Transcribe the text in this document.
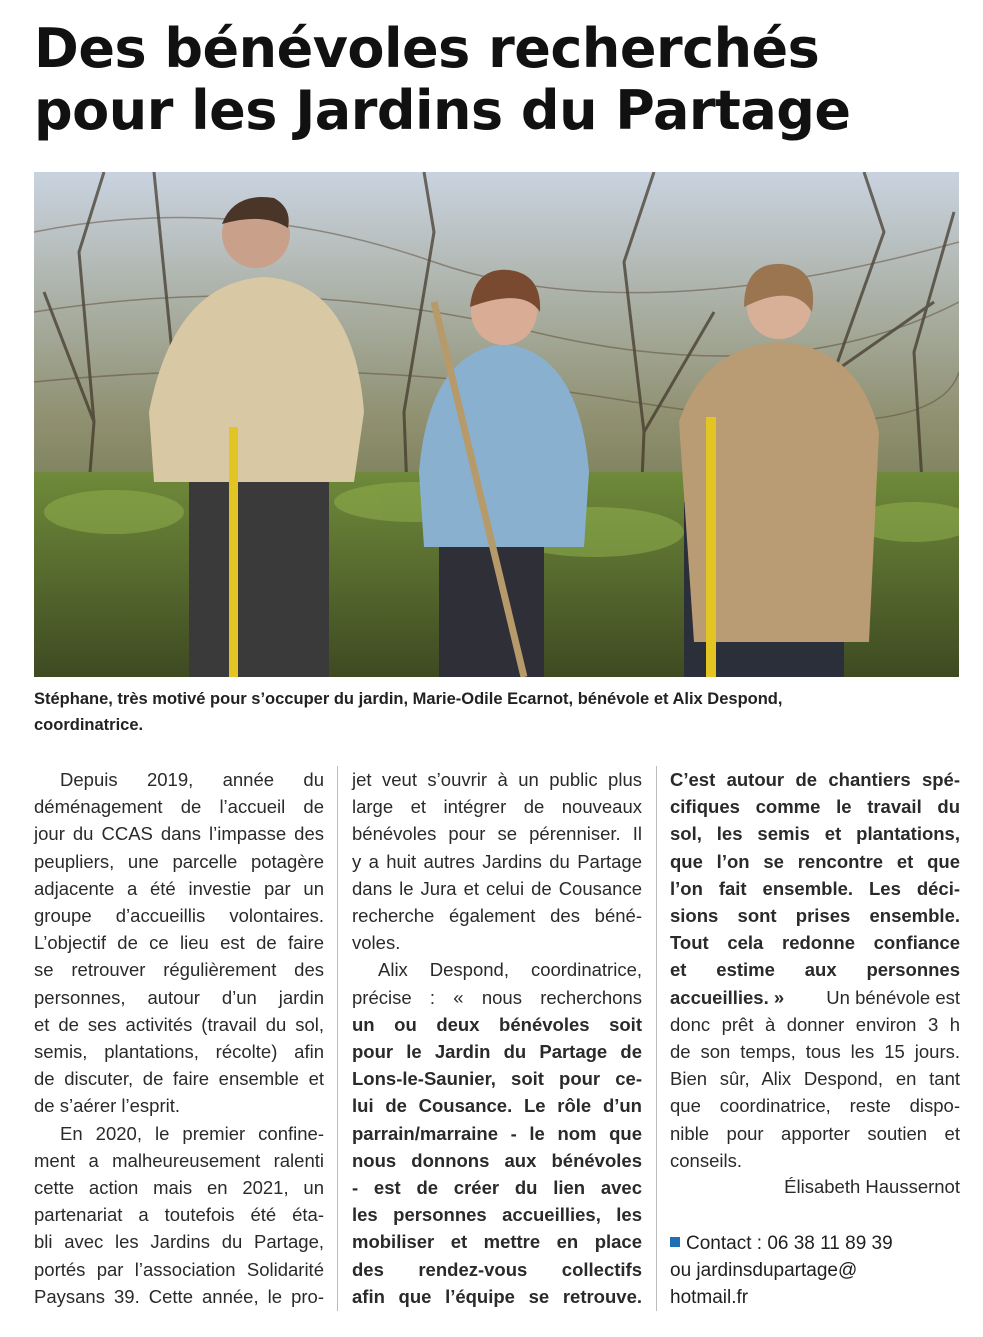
Des bénévoles recherchés
pour les Jardins du Partage
Stéphane, très motivé pour s’occuper du jardin, Marie-Odile Ecarnot, bénévole et Alix Despond,
coordinatrice.
Depuis 2019, année du
déménagement de l’accueil de
jour du CCAS dans l’impasse des
peupliers, une parcelle potagère
adjacente a été investie par un
groupe d’accueillis volontaires.
L’objectif de ce lieu est de faire
se retrouver régulièrement des
personnes, autour d’un jardin
et de ses activités (travail du sol,
semis, plantations, récolte) afin
de discuter, de faire ensemble et
de s’aérer l’esprit.
En 2020, le premier confine-
ment a malheureusement ralenti
cette action mais en 2021, un
partenariat a toutefois été éta-
bli avec les Jardins du Partage,
portés par l’association Solidarité
Paysans 39. Cette année, le pro-
jet veut s’ouvrir à un public plus
large et intégrer de nouveaux
bénévoles pour se pérenniser. Il
y a huit autres Jardins du Partage
dans le Jura et celui de Cousance
recherche également des béné-
voles.
Alix Despond, coordinatrice,
précise : « nous recherchons
un ou deux bénévoles soit
pour le Jardin du Partage de
Lons-le-Saunier, soit pour ce-
lui de Cousance. Le rôle d’un
parrain/marraine - le nom que
nous donnons aux bénévoles
- est de créer du lien avec
les personnes accueillies, les
mobiliser et mettre en place
des rendez-vous collectifs
afin que l’équipe se retrouve.
C’est autour de chantiers spé-
cifiques comme le travail du
sol, les semis et plantations,
que l’on se rencontre et que
l’on fait ensemble. Les déci-
sions sont prises ensemble.
Tout cela redonne confiance
et estime aux personnes
accueillies. » Un bénévole est
donc prêt à donner environ 3 h
de son temps, tous les 15 jours.
Bien sûr, Alix Despond, en tant
que coordinatrice, reste dispo-
nible pour apporter soutien et
conseils.
Élisabeth Haussernot
Contact : 06 38 11 89 39
ou jardinsdupartage@
hotmail.fr
